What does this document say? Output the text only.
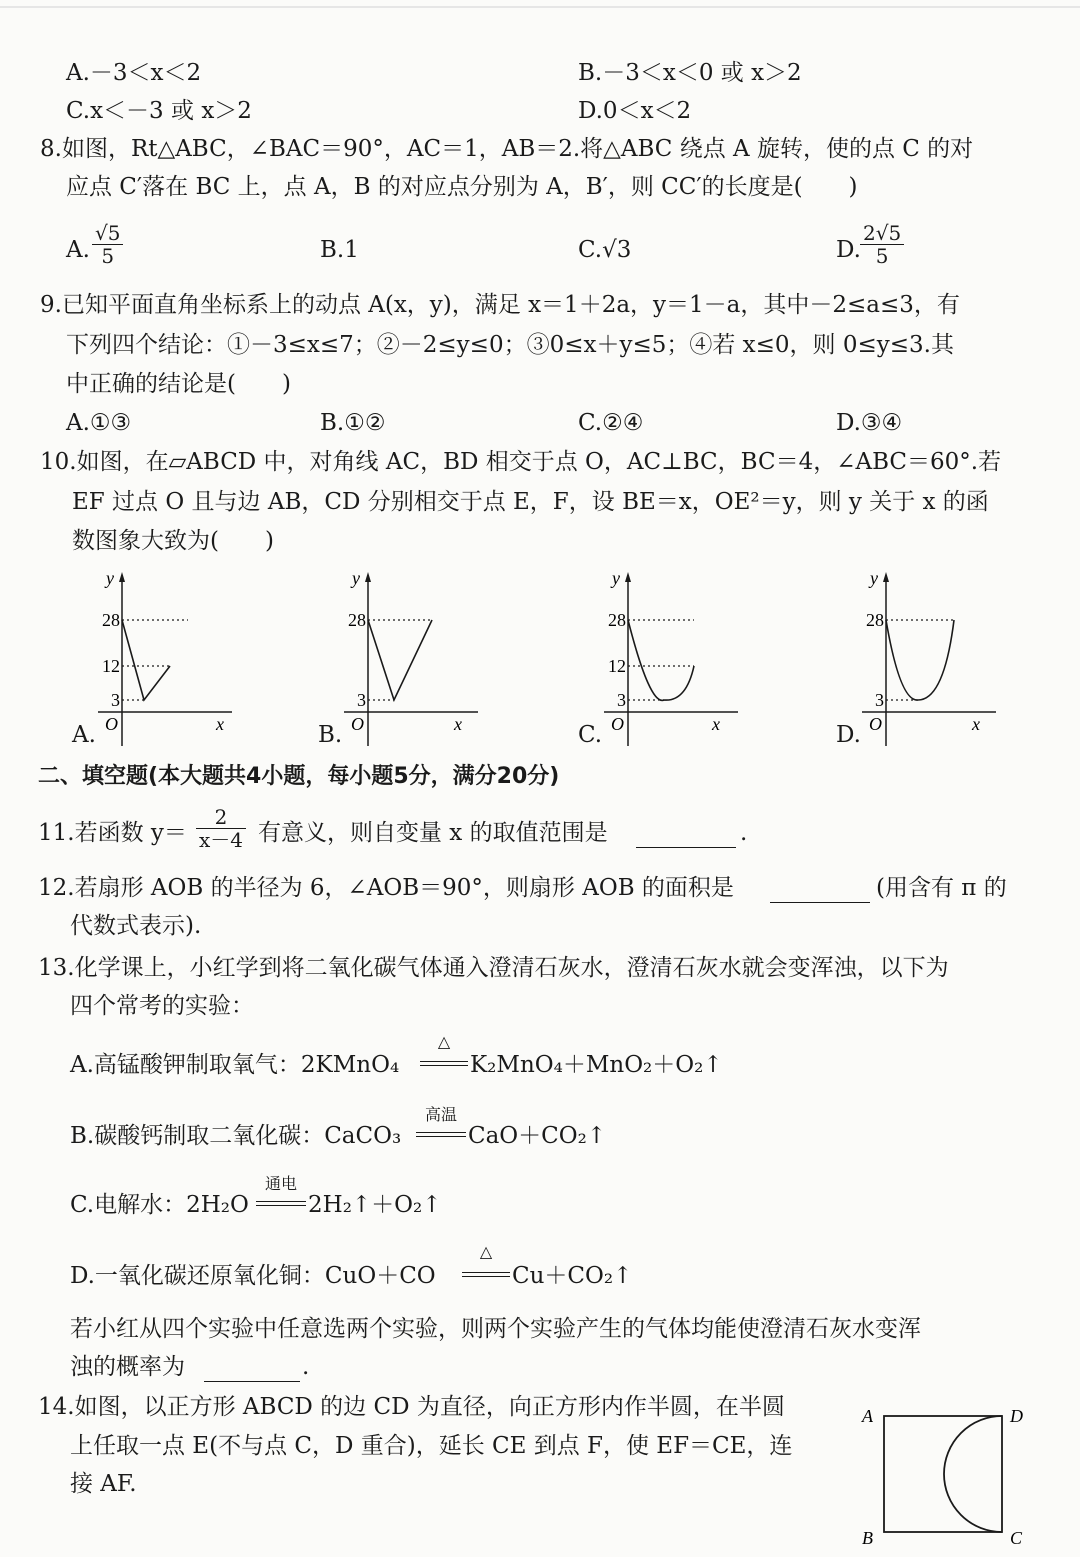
A.－3＜x＜2	B.－3＜x＜0 或 x＞2
C.x＜－3 或 x＞2	D.0＜x＜2
8.如图，Rt△ABC，∠BAC＝90°，AC＝1，AB＝2.将△ABC 绕点 A 旋转，使的点 C 的对
应点 C′落在 BC 上，点 A，B 的对应点分别为 A，B′，则 CC′的长度是(　　)
A. $\frac{√5}{5}$	B.1	C.√3	D. $\frac{2√5}{5}$
9.已知平面直角坐标系上的动点 A(x，y)，满足 x＝1＋2a，y＝1－a，其中－2≤a≤3，有
下列四个结论：①－3≤x≤7；②－2≤y≤0；③0≤x＋y≤5；④若 x≤0，则 0≤y≤3.其
中正确的结论是(　　)
A.①③	B.①②	C.②④	D.③④
10.如图，在▱ABCD 中，对角线 AC，BD 相交于点 O，AC⊥BC，BC＝4，∠ABC＝60°.若
EF 过点 O 且与边 AB，CD 分别相交于点 E，F，设 BE＝x，OE²＝y，则 y 关于 x 的函
数图象大致为(　　)
A.
y
28
12
3
O	x	B.
y
28
3
O	x	C.
y
28
12
3
O	x	D.
y
28
3
O	x
二、填空题(本大题共4小题，每小题5分，满分20分)
11.若函数 $y= \frac{2}{x-4}$ 有意义，则自变量 x 的取值范围是	.
12.若扇形 AOB 的半径为 6，∠AOB＝90°，则扇形 AOB 的面积是	(用含有 π 的
代数式表示).
13.化学课上，小红学到将二氧化碳气体通入澄清石灰水，澄清石灰水就会变浑浊，以下为
四个常考的实验：
A.高锰酸钾制取氧气：2KMnO₄
△
K₂MnO₄＋MnO₂＋O₂↑
B.碳酸钙制取二氧化碳：CaCO₃
高温
CaO＋CO₂↑
C.电解水：2H₂O
通电
2H₂↑＋O₂↑
D.一氧化碳还原氧化铜：CuO＋CO
△
Cu＋CO₂↑
若小红从四个实验中任意选两个实验，则两个实验产生的气体均能使澄清石灰水变浑
浊的概率为	.
14.如图，以正方形 ABCD 的边 CD 为直径，向正方形内作半圆，在半圆
上任取一点 E(不与点 C，D 重合)，延长 CE 到点 F，使 EF＝CE，连
接 AF.
A	D
B	C
